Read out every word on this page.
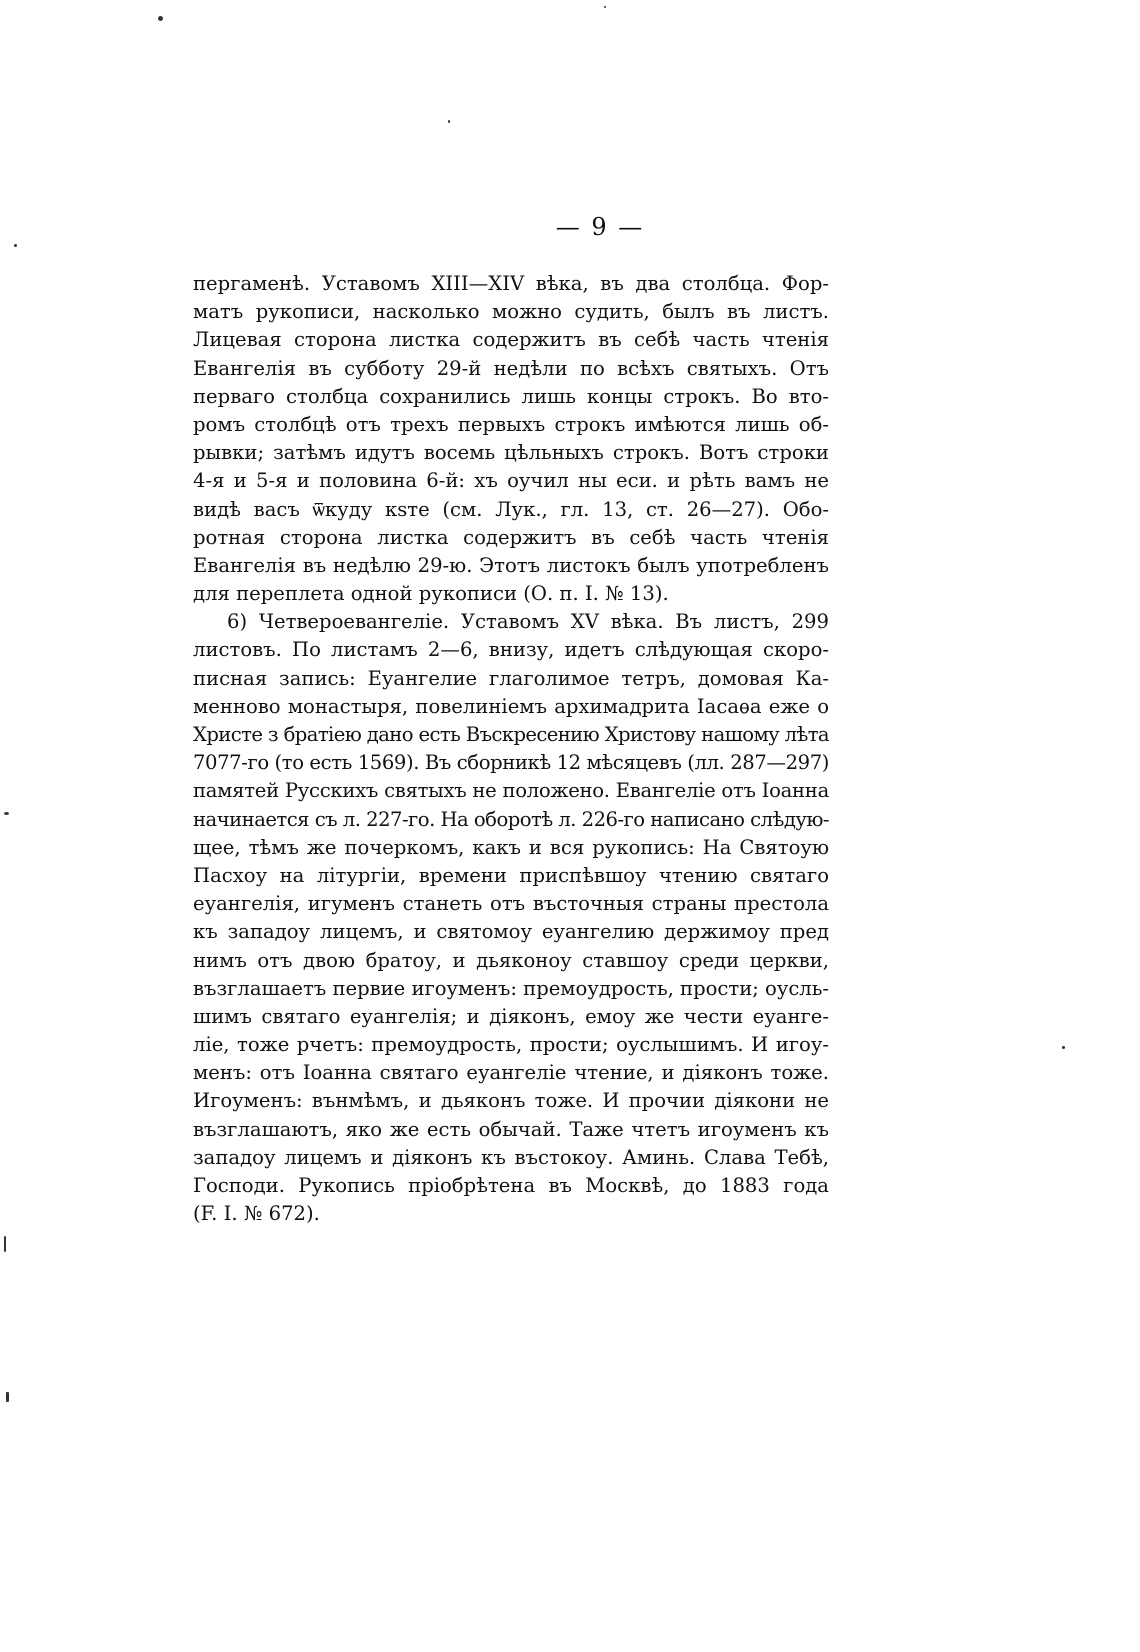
— 9 —
пергаменѣ. Уставомъ XIII—XIV вѣка, въ два столбца. Фор-
матъ рукописи, насколько можно судить, былъ въ листъ.
Лицевая сторона листка содержитъ въ себѣ часть чтенія
Евангелія въ субботу 29-й недѣли по всѣхъ святыхъ. Отъ
перваго столбца сохранились лишь концы строкъ. Во вто-
ромъ столбцѣ отъ трехъ первыхъ строкъ имѣются лишь об-
рывки; затѣмъ идутъ восемь цѣльныхъ строкъ. Вотъ строки
4-я и 5-я и половина 6-й: хъ оучил ны еси. и рѣть вамъ не
видѣ васъ ѿкуду кѕте (см. Лук., гл. 13, ст. 26—27). Обо-
ротная сторона листка содержитъ въ себѣ часть чтенія
Евангелія въ недѣлю 29-ю. Этотъ листокъ былъ употребленъ
для переплета одной рукописи (О. п. I. № 13).
6) Четвероевангеліе. Уставомъ XV вѣка. Въ листъ, 299
листовъ. По листамъ 2—6, внизу, идетъ слѣдующая скоро-
писная запись: Еуангелие глаголимое тетръ, домовая Ка-
менново монастыря, повелиніемъ архимадрита Іасаѳа еже о
Христе з братіею дано есть Въскресению Христову нашому лѣта
7077-го (то есть 1569). Въ сборникѣ 12 мѣсяцевъ (лл. 287—297)
памятей Русскихъ святыхъ не положено. Евангеліе отъ Іоанна
начинается съ л. 227-го. На оборотѣ л. 226-го написано слѣдую-
щее, тѣмъ же почеркомъ, какъ и вся рукопись: На Святоую
Пасхоу на літургіи, времени приспѣвшоу чтению святаго
еуангелія, игуменъ станеть отъ въсточныя страны престола
къ западоу лицемъ, и святомоу еуангелию держимоу пред
нимъ отъ двою братоу, и дьяконоу ставшоу среди церкви,
възглашаетъ первие игоуменъ: премоудрость, прости; оусль-
шимъ святаго еуангелія; и діяконъ, емоу же чести еуанге-
ліе, тоже рчетъ: премоудрость, прости; оуслышимъ. И игоу-
менъ: отъ Іоанна святаго еуангеліе чтение, и діяконъ тоже.
Игоуменъ: вънмѣмъ, и дьяконъ тоже. И прочии діякони не
възглашаютъ, яко же есть обычай. Таже чтетъ игоуменъ къ
западоу лицемъ и діяконъ къ въстокоу. Аминь. Слава Тебѣ,
Господи. Рукопись пріобрѣтена въ Москвѣ, до 1883 года
(F. I. № 672).
